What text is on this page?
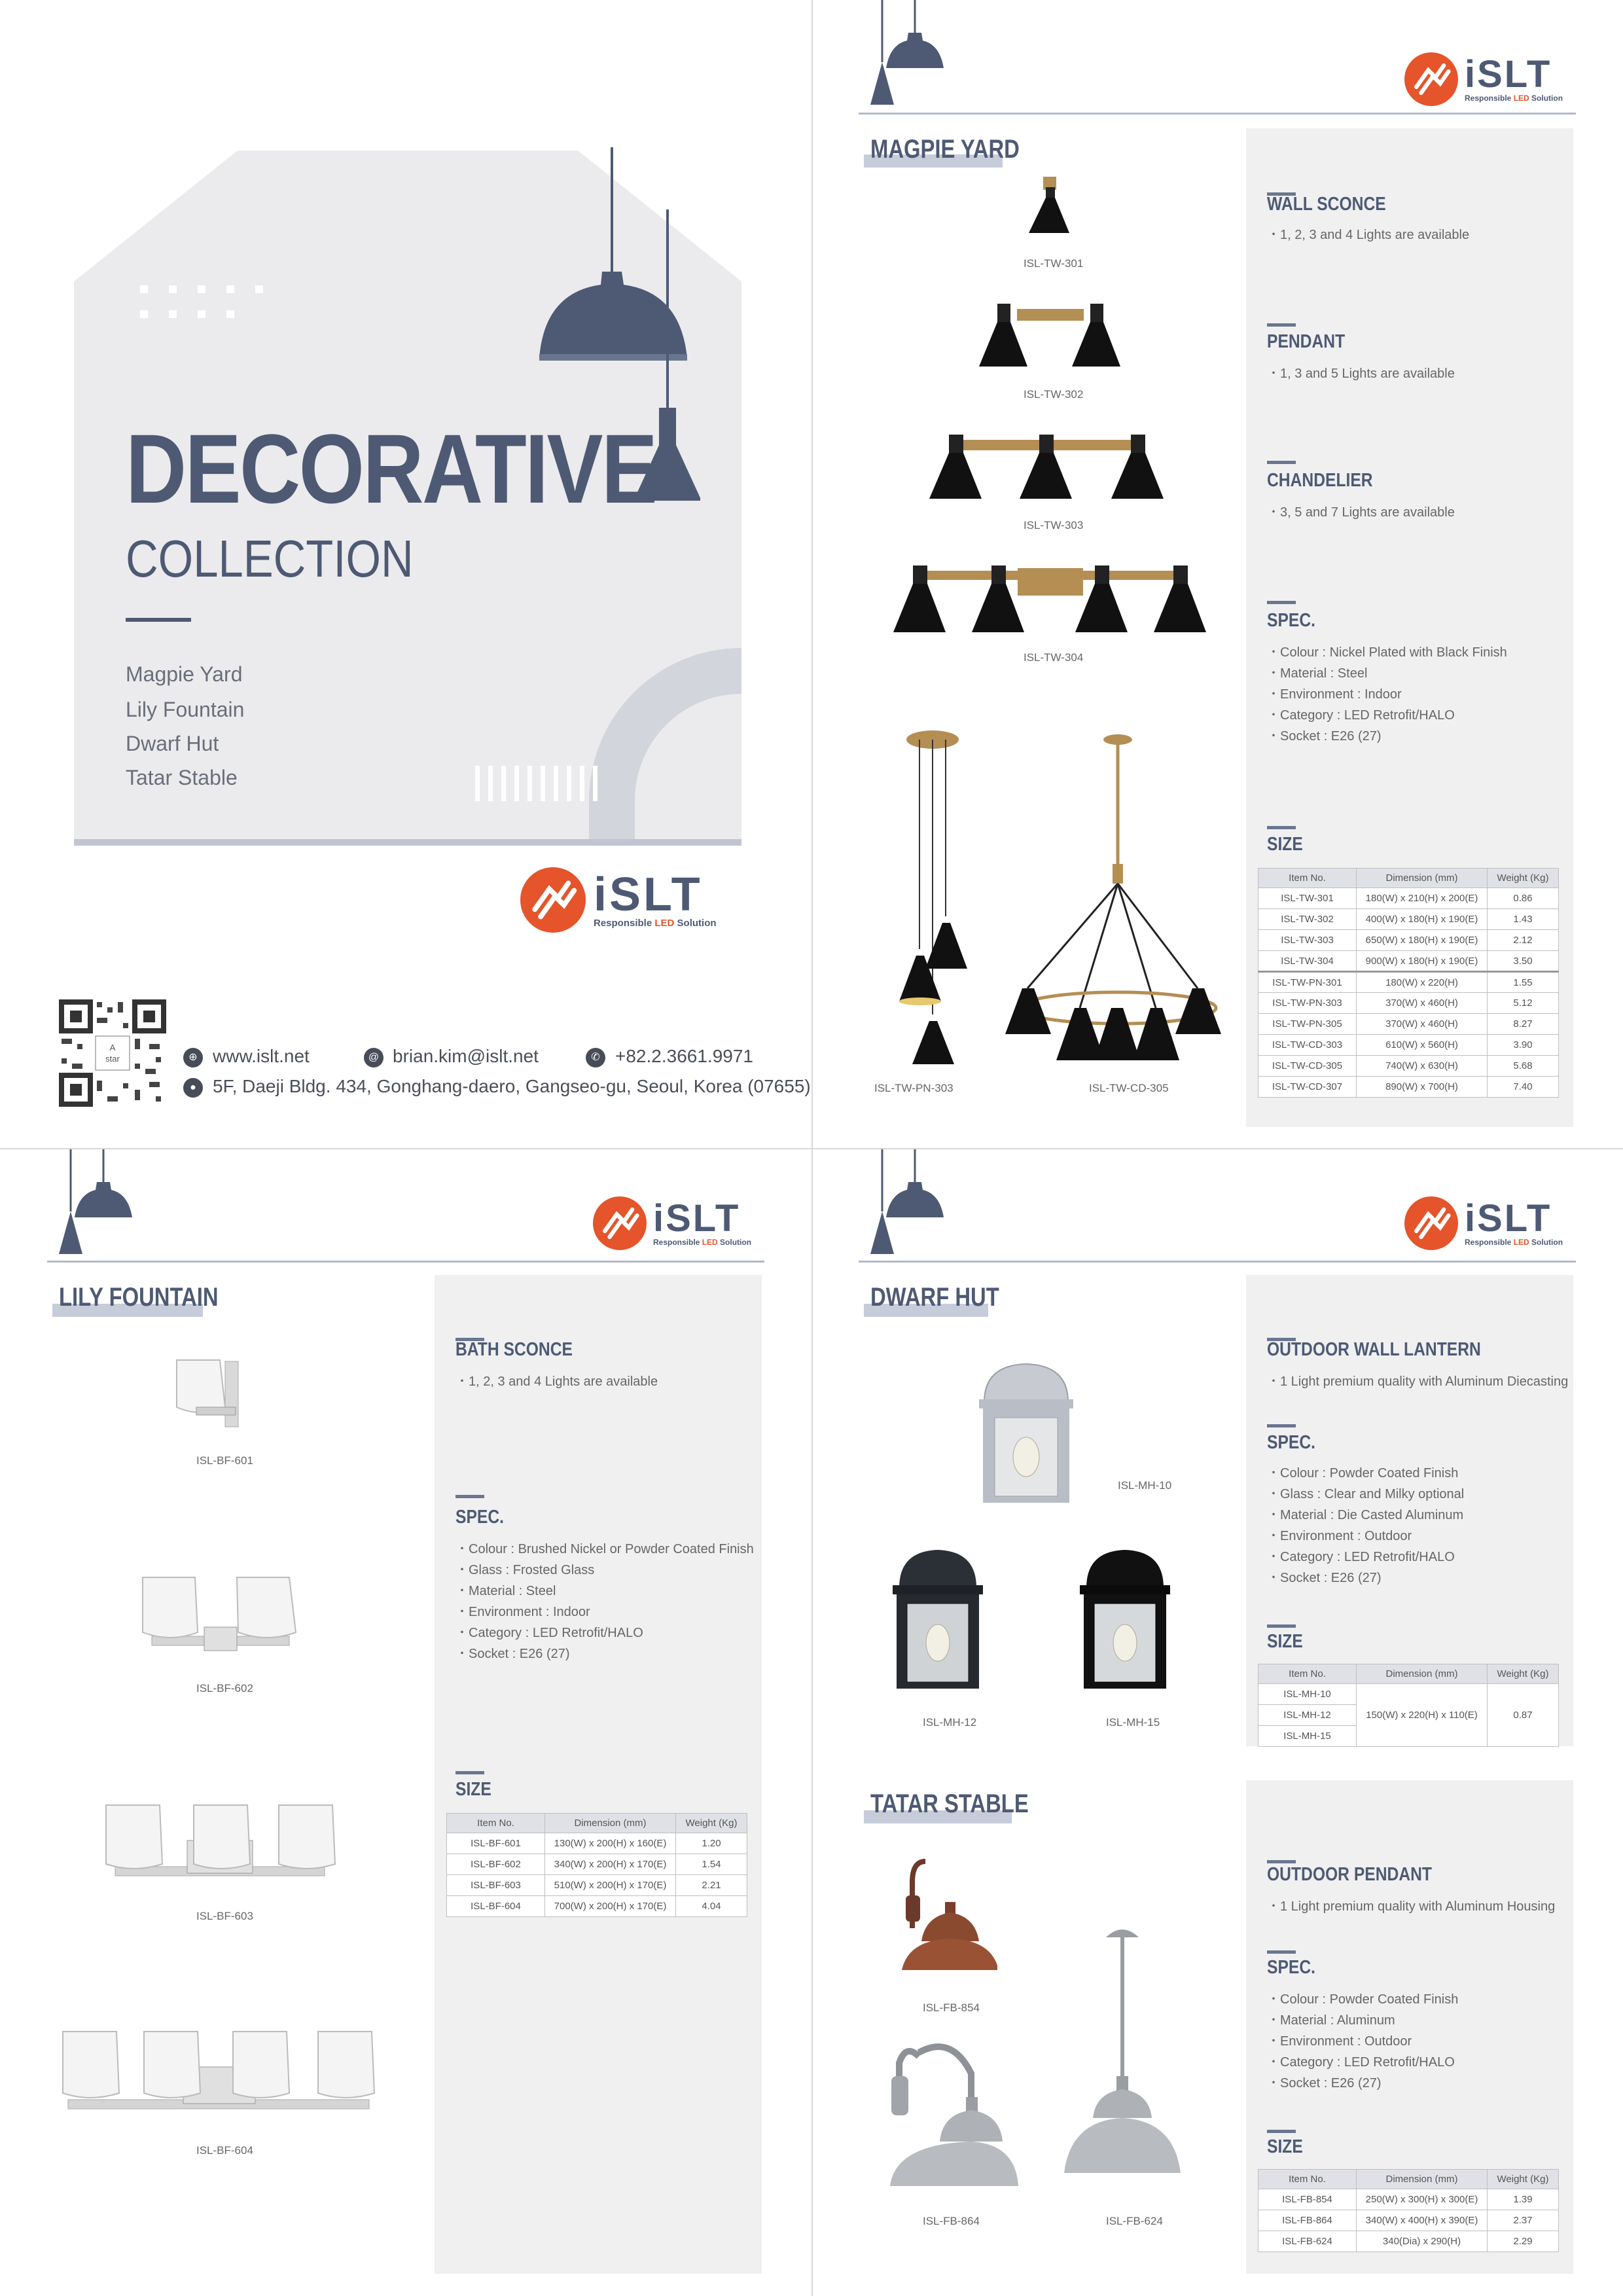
DECORATIVE
COLLECTION
Magpie Yard
Lily Fountain
Dwarf Hut
Tatar Stable
iSLT
Responsible LED Solution
A
star	⊕ www.islt.net	@ brian.kim@islt.net	✆ +82.2.3661.9971
● 5F, Daeji Bldg. 434, Gonghang-daero, Gangseo-gu, Seoul, Korea (07655)
iSLT
Responsible LED Solution
MAGPIE YARD
ISL-TW-301
ISL-TW-302
ISL-TW-303
ISL-TW-304
ISL-TW-PN-303	ISL-TW-CD-305
WALL SCONCE
・1, 2, 3 and 4 Lights are available
PENDANT
・1, 3 and 5 Lights are available
CHANDELIER
・3, 5 and 7 Lights are available
SPEC.
・Colour : Nickel Plated with Black Finish
・Material : Steel
・Environment : Indoor
・Category : LED Retrofit/HALO
・Socket : E26 (27)
SIZE
Item No.	Dimension (mm)	Weight (Kg)
ISL-TW-301	180(W) x 210(H) x 200(E)	0.86
ISL-TW-302	400(W) x 180(H) x 190(E)	1.43
ISL-TW-303	650(W) x 180(H) x 190(E)	2.12
ISL-TW-304	900(W) x 180(H) x 190(E)	3.50
ISL-TW-PN-301	180(W) x 220(H)	1.55
ISL-TW-PN-303	370(W) x 460(H)	5.12
ISL-TW-PN-305	370(W) x 460(H)	8.27
ISL-TW-CD-303	610(W) x 560(H)	3.90
ISL-TW-CD-305	740(W) x 630(H)	5.68
ISL-TW-CD-307	890(W) x 700(H)	7.40
iSLT
Responsible LED Solution
LILY FOUNTAIN
ISL-BF-601
ISL-BF-602
ISL-BF-603
ISL-BF-604
BATH SCONCE
・1, 2, 3 and 4 Lights are available
SPEC.
・Colour : Brushed Nickel or Powder Coated Finish
・Glass : Frosted Glass
・Material : Steel
・Environment : Indoor
・Category : LED Retrofit/HALO
・Socket : E26 (27)
SIZE
Item No.	Dimension (mm)	Weight (Kg)
ISL-BF-601	130(W) x 200(H) x 160(E)	1.20
ISL-BF-602	340(W) x 200(H) x 170(E)	1.54
ISL-BF-603	510(W) x 200(H) x 170(E)	2.21
ISL-BF-604	700(W) x 200(H) x 170(E)	4.04
iSLT
Responsible LED Solution
DWARF HUT
ISL-MH-10
ISL-MH-12	ISL-MH-15
OUTDOOR WALL LANTERN
・1 Light premium quality with Aluminum Diecasting
SPEC.
・Colour : Powder Coated Finish
・Glass : Clear and Milky optional
・Material : Die Casted Aluminum
・Environment : Outdoor
・Category : LED Retrofit/HALO
・Socket : E26 (27)
SIZE
Item No.	Dimension (mm)	Weight (Kg)
ISL-MH-10	150(W) x 220(H) x 110(E)	0.87
ISL-MH-12		
ISL-MH-15		
TATAR STABLE
ISL-FB-854
ISL-FB-864	ISL-FB-624
OUTDOOR PENDANT
・1 Light premium quality with Aluminum Housing
SPEC.
・Colour : Powder Coated Finish
・Material : Aluminum
・Environment : Outdoor
・Category : LED Retrofit/HALO
・Socket : E26 (27)
SIZE
Item No.	Dimension (mm)	Weight (Kg)
ISL-FB-854	250(W) x 300(H) x 300(E)	1.39
ISL-FB-864	340(W) x 400(H) x 390(E)	2.37
ISL-FB-624	340(Dia) x 290(H)	2.29
